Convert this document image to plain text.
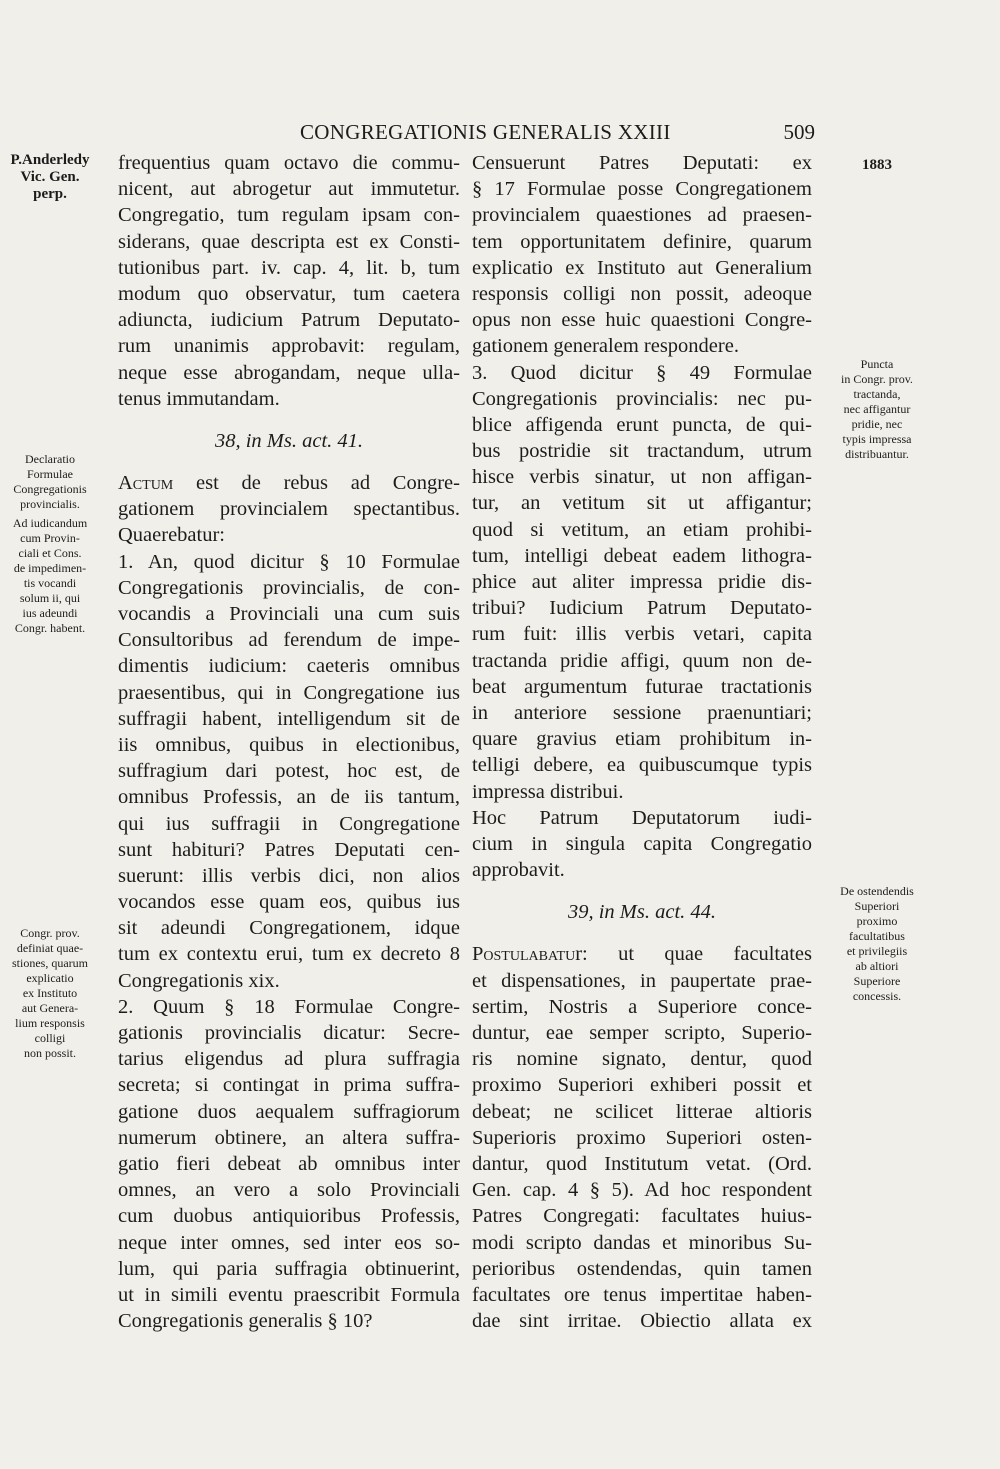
CONGREGATIONIS GENERALIS XXIII	509
P.Anderledy
Vic. Gen.
perp.
Declaratio
Formulae
Congregationis
provincialis.
Ad iudicandum
cum Provin-
ciali et Cons.
de impedimen-
tis vocandi
solum ii, qui
ius adeundi
Congr. habent.
Congr. prov.
definiat quae-
stiones, quarum
explicatio
ex Instituto
aut Genera-
lium responsis
colligi
non possit.
1883
Puncta
in Congr. prov.
tractanda,
nec affigantur
pridie, nec
typis impressa
distribuantur.
De ostendendis
Superiori
proximo
facultatibus
et privilegiis
ab altiori
Superiore
concessis.
frequentius quam octavo die commu-
nicent, aut abrogetur aut immutetur.
Congregatio, tum regulam ipsam con-
siderans, quae descripta est ex Consti-
tutionibus part. iv. cap. 4, lit. b, tum
modum quo observatur, tum caetera
adiuncta, iudicium Patrum Deputato-
rum unanimis approbavit: regulam,
neque esse abrogandam, neque ulla-
tenus immutandam.
38, in Ms. act. 41.
Actum est de rebus ad Congre-
gationem provincialem spectantibus.
Quaerebatur:
1. An, quod dicitur § 10 Formulae
Congregationis provincialis, de con-
vocandis a Provinciali una cum suis
Consultoribus ad ferendum de impe-
dimentis iudicium: caeteris omnibus
praesentibus, qui in Congregatione ius
suffragii habent, intelligendum sit de
iis omnibus, quibus in electionibus,
suffragium dari potest, hoc est, de
omnibus Professis, an de iis tantum,
qui ius suffragii in Congregatione
sunt habituri? Patres Deputati cen-
suerunt: illis verbis dici, non alios
vocandos esse quam eos, quibus ius
sit adeundi Congregationem, idque
tum ex contextu erui, tum ex decreto 8
Congregationis xix.
2. Quum § 18 Formulae Congre-
gationis provincialis dicatur: Secre-
tarius eligendus ad plura suffragia
secreta; si contingat in prima suffra-
gatione duos aequalem suffragiorum
numerum obtinere, an altera suffra-
gatio fieri debeat ab omnibus inter
omnes, an vero a solo Provinciali
cum duobus antiquioribus Professis,
neque inter omnes, sed inter eos so-
lum, qui paria suffragia obtinuerint,
ut in simili eventu praescribit Formula
Congregationis generalis § 10?
Censuerunt Patres Deputati: ex
§ 17 Formulae posse Congregationem
provincialem quaestiones ad praesen-
tem opportunitatem definire, quarum
explicatio ex Instituto aut Generalium
responsis colligi non possit, adeoque
opus non esse huic quaestioni Congre-
gationem generalem respondere.
3. Quod dicitur § 49 Formulae
Congregationis provincialis: nec pu-
blice affigenda erunt puncta, de qui-
bus postridie sit tractandum, utrum
hisce verbis sinatur, ut non affigan-
tur, an vetitum sit ut affigantur;
quod si vetitum, an etiam prohibi-
tum, intelligi debeat eadem lithogra-
phice aut aliter impressa pridie dis-
tribui? Iudicium Patrum Deputato-
rum fuit: illis verbis vetari, capita
tractanda pridie affigi, quum non de-
beat argumentum futurae tractationis
in anteriore sessione praenuntiari;
quare gravius etiam prohibitum in-
telligi debere, ea quibuscumque typis
impressa distribui.
Hoc Patrum Deputatorum iudi-
cium in singula capita Congregatio
approbavit.
39, in Ms. act. 44.
Postulabatur: ut quae facultates
et dispensationes, in paupertate prae-
sertim, Nostris a Superiore conce-
duntur, eae semper scripto, Superio-
ris nomine signato, dentur, quod
proximo Superiori exhiberi possit et
debeat; ne scilicet litterae altioris
Superioris proximo Superiori osten-
dantur, quod Institutum vetat. (Ord.
Gen. cap. 4 § 5). Ad hoc respondent
Patres Congregati: facultates huius-
modi scripto dandas et minoribus Su-
perioribus ostendendas, quin tamen
facultates ore tenus impertitae haben-
dae sint irritae. Obiectio allata ex
